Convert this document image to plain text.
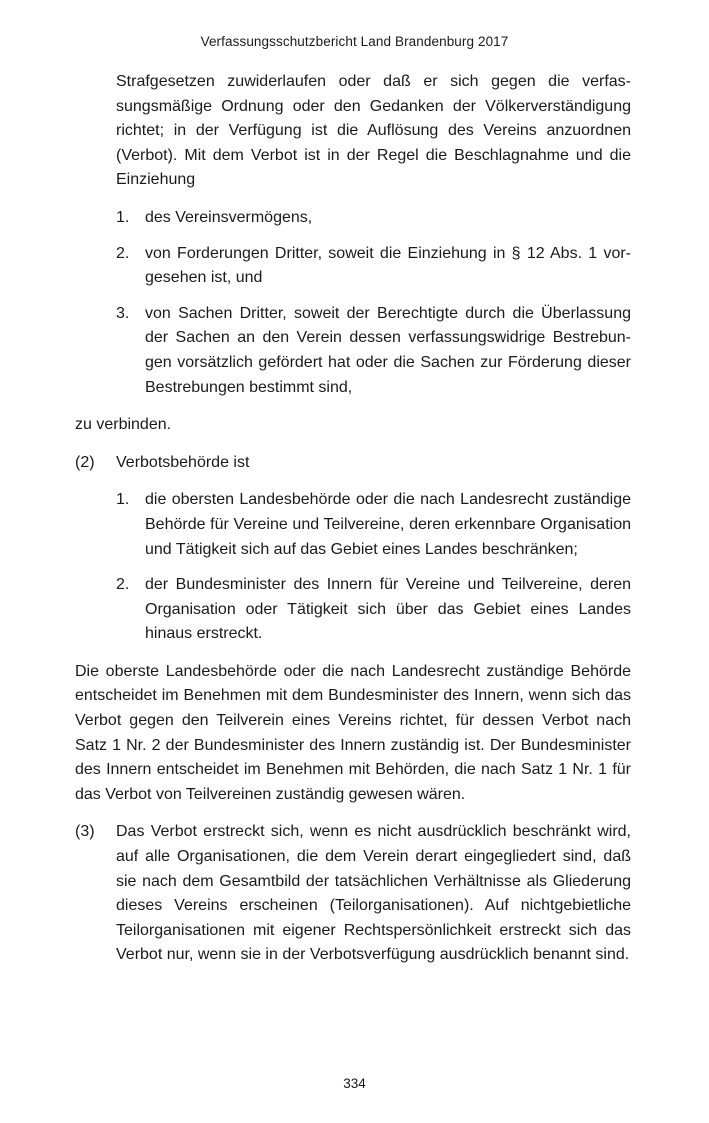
Verfassungsschutzbericht Land Brandenburg 2017

Strafgesetzen zuwiderlaufen oder daß er sich gegen die verfassungsmäßige Ordnung oder den Gedanken der Völkerverständigung richtet; in der Verfügung ist die Auflösung des Vereins anzuordnen (Verbot). Mit dem Verbot ist in der Regel die Beschlagnahme und die Einziehung

1. des Vereinsvermögens,
2. von Forderungen Dritter, soweit die Einziehung in § 12 Abs. 1 vorgesehen ist, und
3. von Sachen Dritter, soweit der Berechtigte durch die Überlassung der Sachen an den Verein dessen verfassungswidrige Bestrebungen vorsätzlich gefördert hat oder die Sachen zur Förderung dieser Bestrebungen bestimmt sind,

zu verbinden.

(2)	Verbotsbehörde ist
1. die obersten Landesbehörde oder die nach Landesrecht zuständige Behörde für Vereine und Teilvereine, deren erkennbare Organisation und Tätigkeit sich auf das Gebiet eines Landes beschränken;
2. der Bundesminister des Innern für Vereine und Teilvereine, deren Organisation oder Tätigkeit sich über das Gebiet eines Landes hinaus erstreckt.

Die oberste Landesbehörde oder die nach Landesrecht zuständige Behörde entscheidet im Benehmen mit dem Bundesminister des Innern, wenn sich das Verbot gegen den Teilverein eines Vereins richtet, für dessen Verbot nach Satz 1 Nr. 2 der Bundesminister des Innern zuständig ist. Der Bundesminister des Innern entscheidet im Benehmen mit Behörden, die nach Satz 1 Nr. 1 für das Verbot von Teilvereinen zuständig gewesen wären.

(3)	Das Verbot erstreckt sich, wenn es nicht ausdrücklich beschränkt wird, auf alle Organisationen, die dem Verein derart eingegliedert sind, daß sie nach dem Gesamtbild der tatsächlichen Verhältnisse als Gliederung dieses Vereins erscheinen (Teilorganisationen). Auf nichtgebietliche Teilorganisationen mit eigener Rechtspersönlichkeit erstreckt sich das Verbot nur, wenn sie in der Verbotsverfügung ausdrücklich benannt sind.
334
